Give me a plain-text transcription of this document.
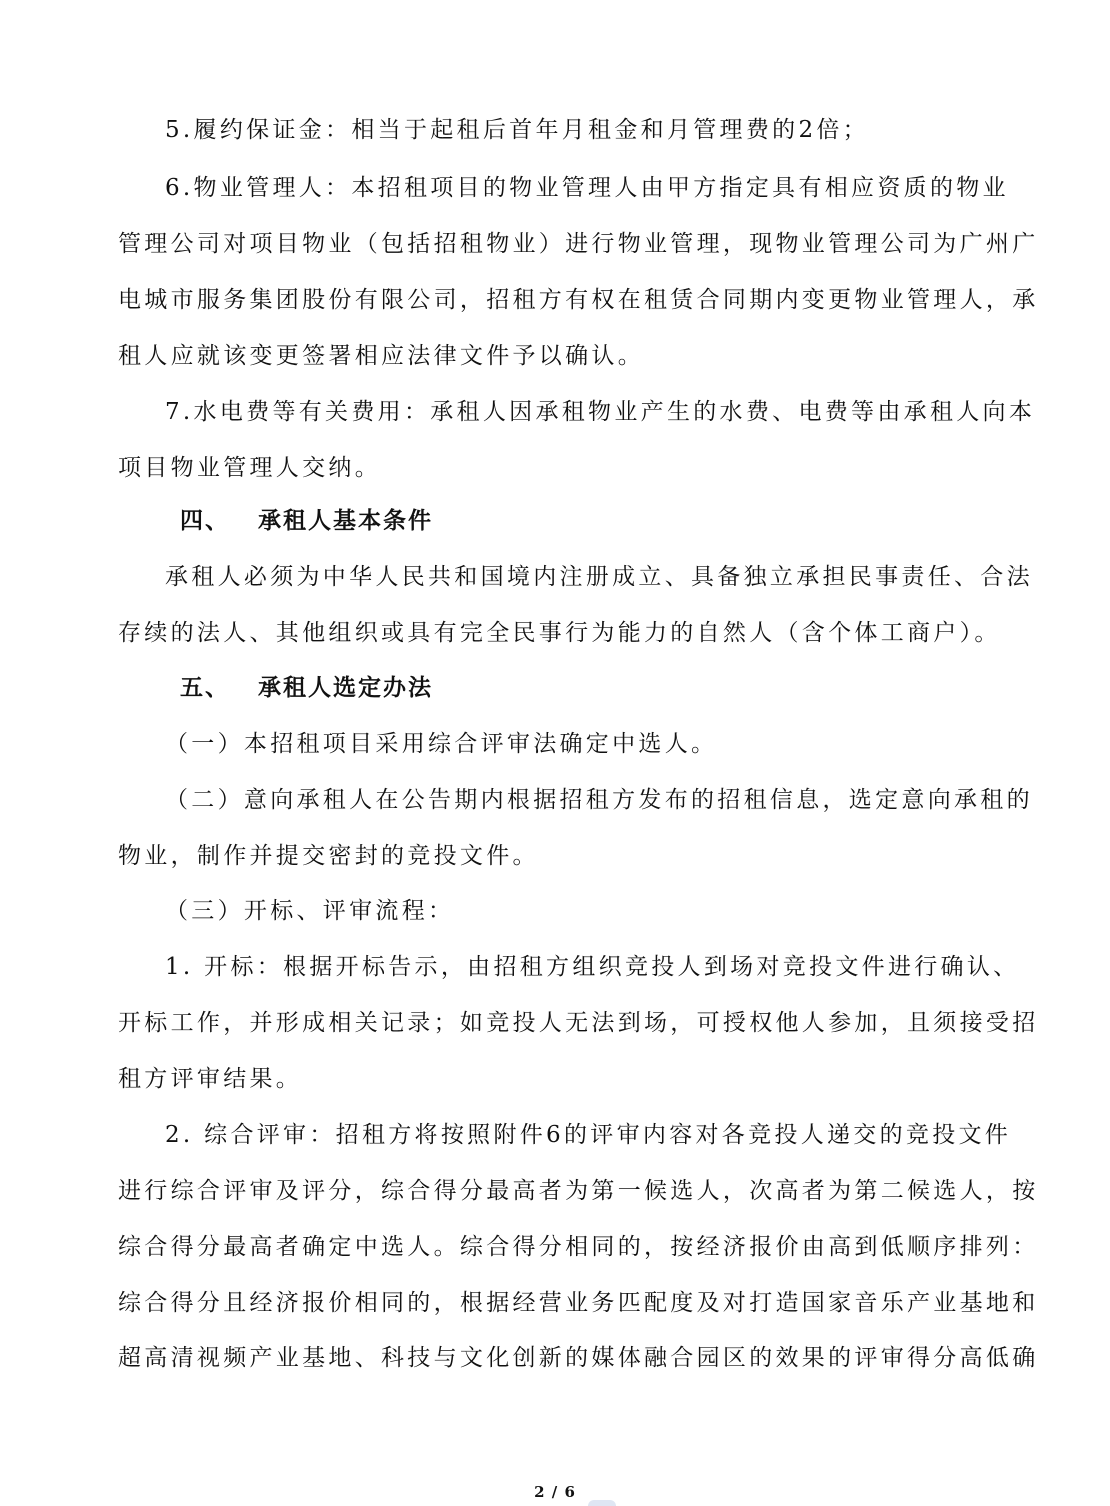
5.履约保证金：相当于起租后首年月租金和月管理费的2倍；
6.物业管理人：本招租项目的物业管理人由甲方指定具有相应资质的物业
管理公司对项目物业（包括招租物业）进行物业管理，现物业管理公司为广州广
电城市服务集团股份有限公司，招租方有权在租赁合同期内变更物业管理人，承
租人应就该变更签署相应法律文件予以确认。
7.水电费等有关费用：承租人因承租物业产生的水费、电费等由承租人向本
项目物业管理人交纳。
四、 承租人基本条件
承租人必须为中华人民共和国境内注册成立、具备独立承担民事责任、合法
存续的法人、其他组织或具有完全民事行为能力的自然人（含个体工商户）。
五、 承租人选定办法
（一）本招租项目采用综合评审法确定中选人。
（二）意向承租人在公告期内根据招租方发布的招租信息，选定意向承租的
物业，制作并提交密封的竞投文件。
（三）开标、评审流程：
1. 开标：根据开标告示，由招租方组织竞投人到场对竞投文件进行确认、
开标工作，并形成相关记录；如竞投人无法到场，可授权他人参加，且须接受招
租方评审结果。
2. 综合评审：招租方将按照附件6的评审内容对各竞投人递交的竞投文件
进行综合评审及评分，综合得分最高者为第一候选人，次高者为第二候选人，按
综合得分最高者确定中选人。综合得分相同的，按经济报价由高到低顺序排列：
综合得分且经济报价相同的，根据经营业务匹配度及对打造国家音乐产业基地和
超高清视频产业基地、科技与文化创新的媒体融合园区的效果的评审得分高低确
2 / 6
